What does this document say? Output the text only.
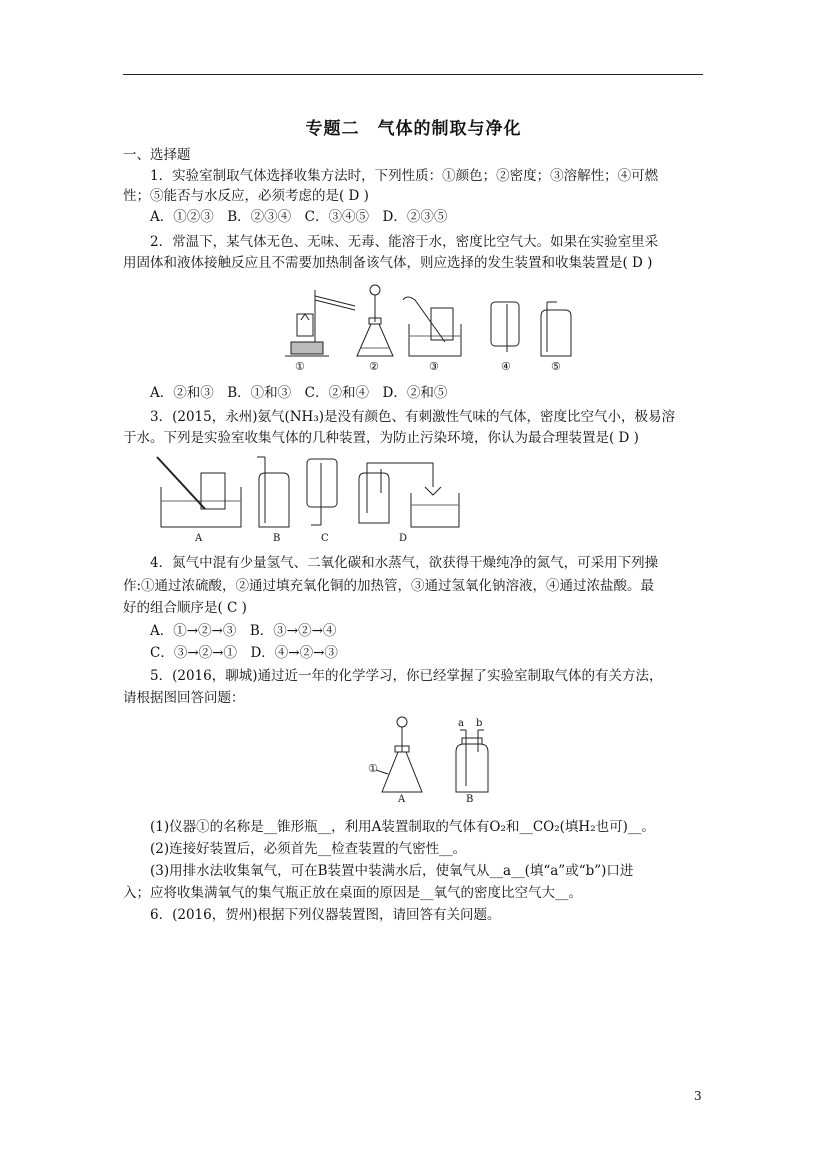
专题二　气体的制取与净化
一、选择题
1．实验室制取气体选择收集方法时，下列性质：①颜色；②密度；③溶解性；④可燃
性；⑤能否与水反应，必须考虑的是( D )
A．①②③　B．②③④　C．③④⑤　D．②③⑤
2．常温下，某气体无色、无味、无毒、能溶于水，密度比空气大。如果在实验室里采
用固体和液体接触反应且不需要加热制备该气体，则应选择的发生装置和收集装置是( D )
①	②	③	④	⑤
A．②和③　B．①和③　C．②和④　D．②和⑤
3．(2015，永州)氨气(NH₃)是没有颜色、有刺激性气味的气体，密度比空气小，极易溶
于水。下列是实验室收集气体的几种装置，为防止污染环境，你认为最合理装置是( D )
A	B	C	D
4．氮气中混有少量氢气、二氧化碳和水蒸气，欲获得干燥纯净的氮气，可采用下列操
作:①通过浓硫酸，②通过填充氧化铜的加热管，③通过氢氧化钠溶液，④通过浓盐酸。最
好的组合顺序是( C )
A．①→②→③　B．③→②→④
C．③→②→①　D．④→②→③
5．(2016，聊城)通过近一年的化学学习，你已经掌握了实验室制取气体的有关方法，
请根据图回答问题：
①
A
a b
B
(1)仪器①的名称是__锥形瓶__，利用A装置制取的气体有O₂和__CO₂(填H₂也可)__。
(2)连接好装置后，必须首先__检查装置的气密性__。
(3)用排水法收集氧气，可在B装置中装满水后，使氧气从__a__(填“a”或“b”)口进
入；应将收集满氧气的集气瓶正放在桌面的原因是__氧气的密度比空气大__。
6．(2016，贺州)根据下列仪器装置图，请回答有关问题。
3
